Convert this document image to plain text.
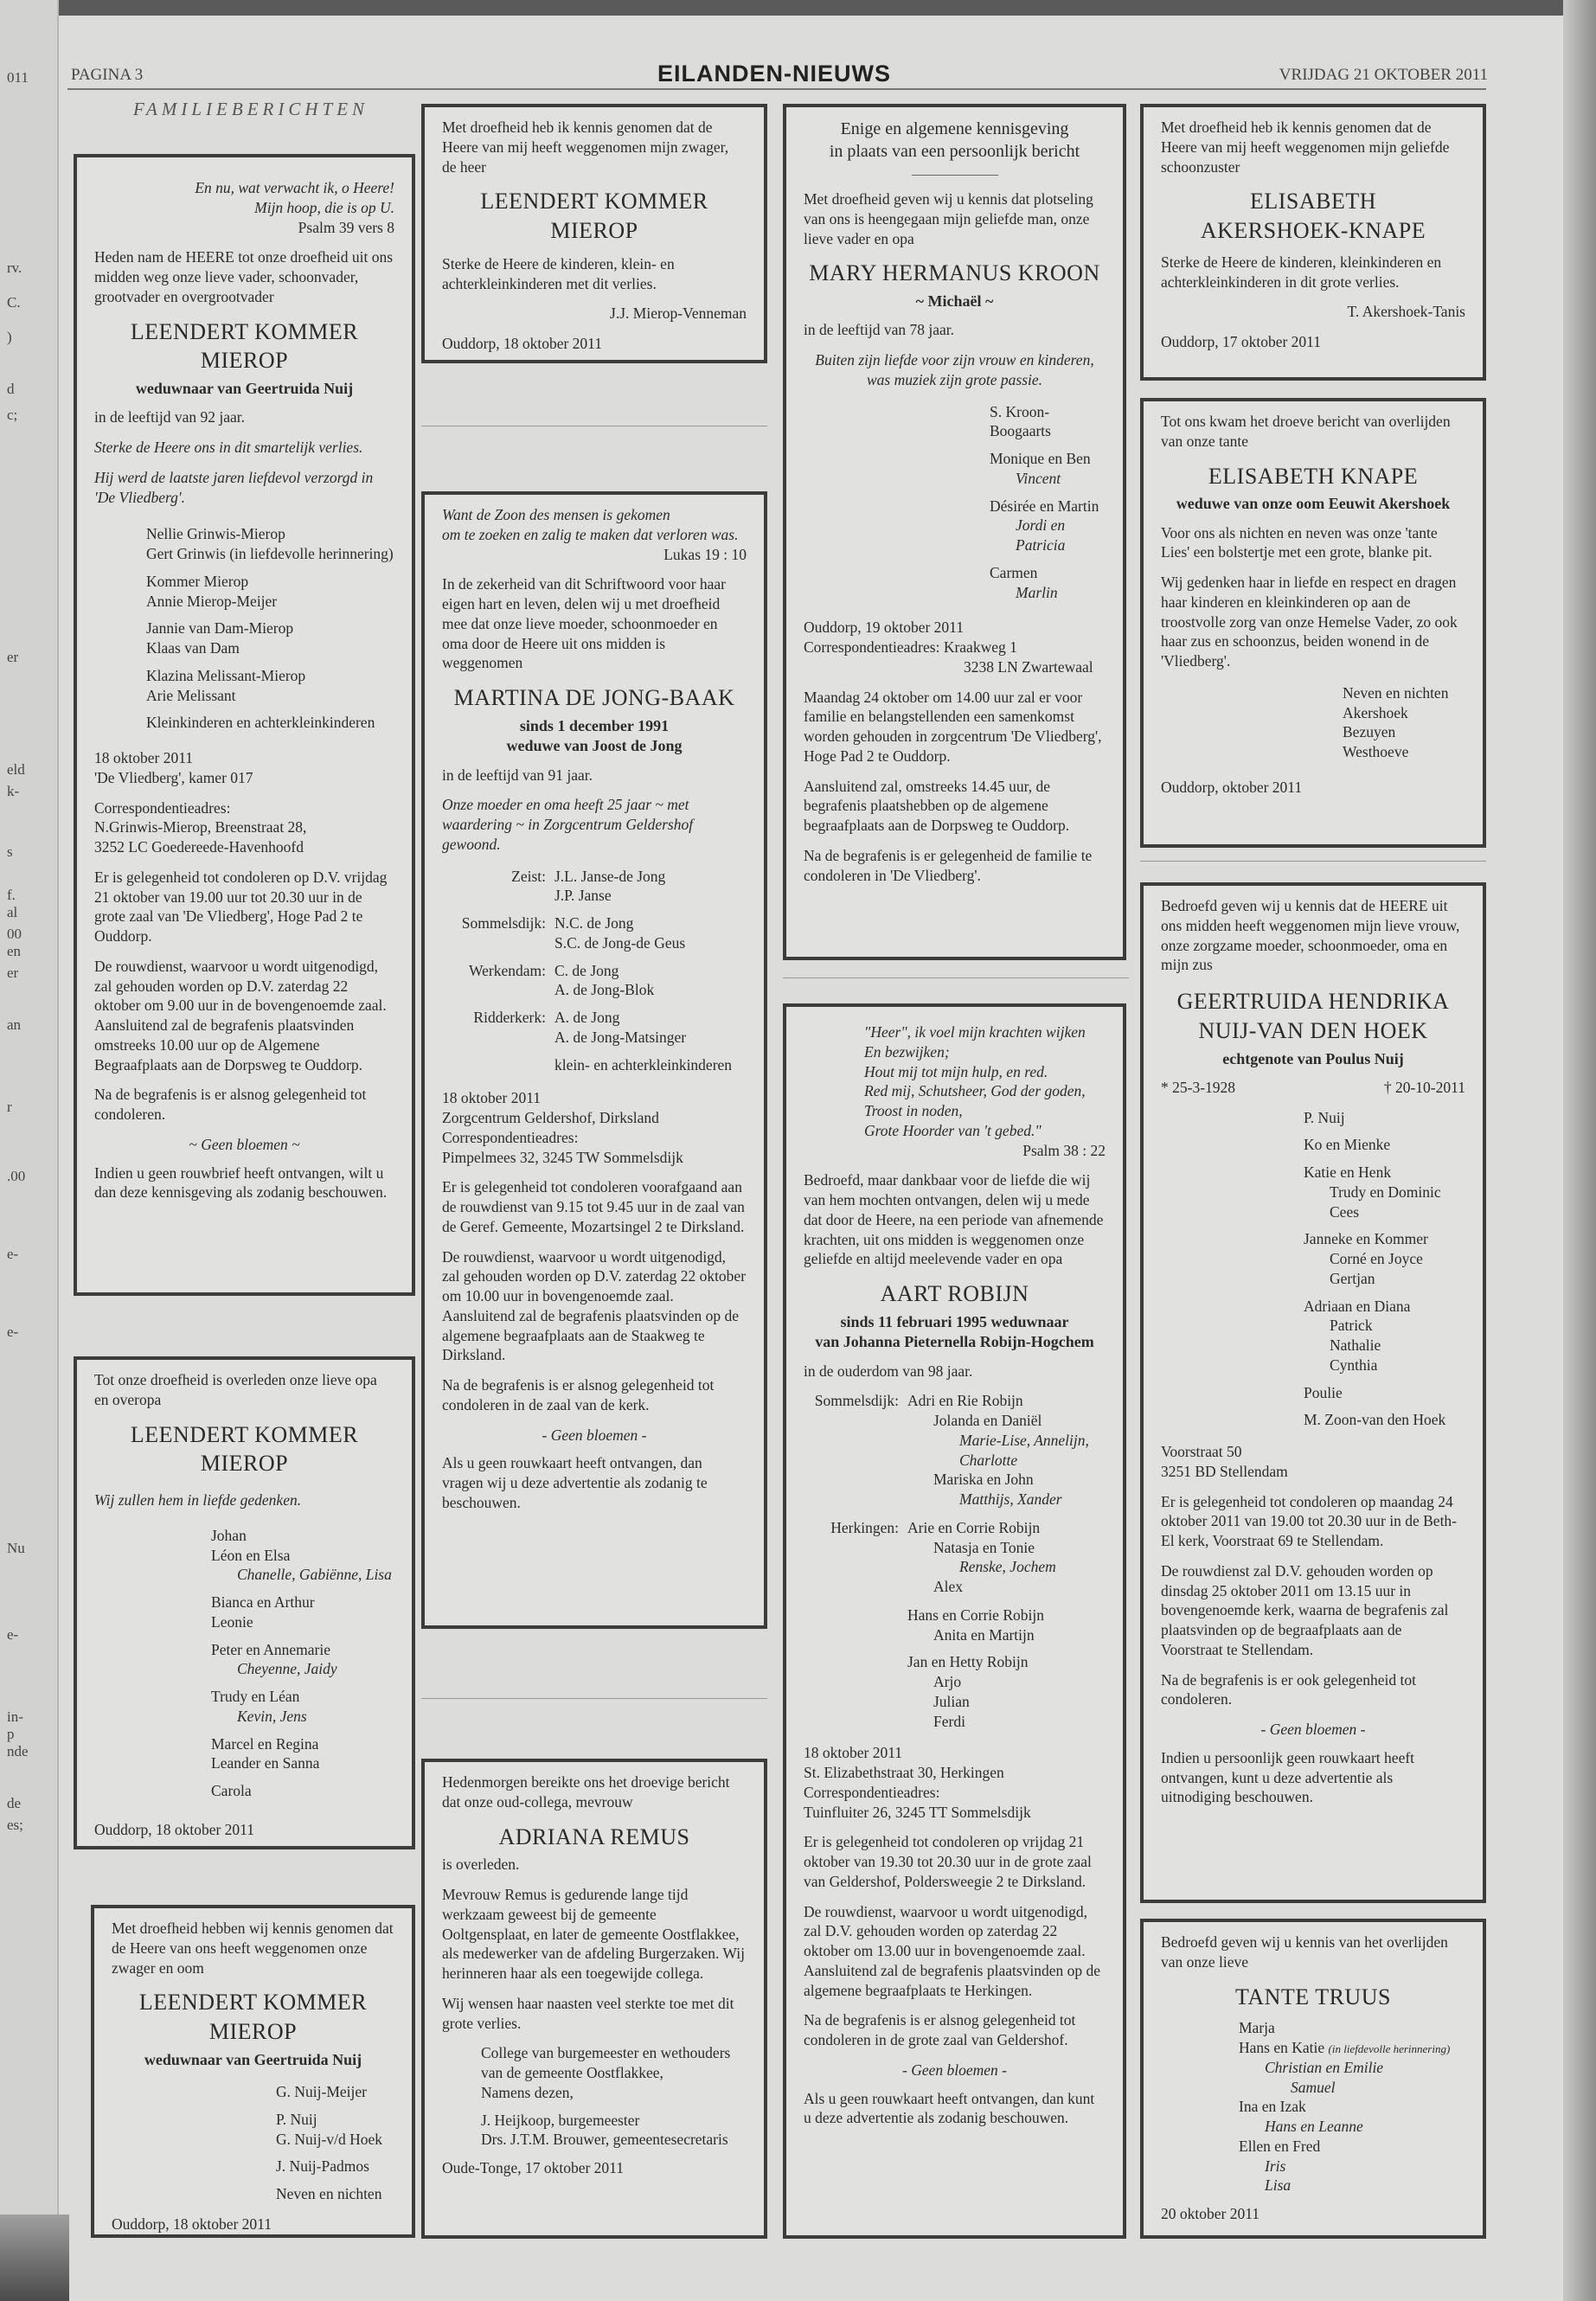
011
rv.
C.
)
d
c;
er
eld
k-
s
f.
al
00
en
er
an
r
.00
e-
e-
Nu
e-
in-
p
nde
de
es;
PAGINA 3	EILANDEN-NIEUWS	VRIJDAG 21 OKTOBER 2011
FAMILIEBERICHTEN
En nu, wat verwacht ik, o Heere!
Mijn hoop, die is op U.

Psalm 39 vers 8

Heden nam de HEERE tot onze droefheid uit ons midden weg onze lieve vader, schoonvader, grootvader en overgrootvader

LEENDERT KOMMER MIEROP
weduwnaar van Geertruida Nuij

in de leeftijd van 92 jaar.

Sterke de Heere ons in dit smartelijk verlies.

Hij werd de laatste jaren liefdevol verzorgd in 'De Vliedberg'.

Nellie Grinwis-Mierop
Gert Grinwis (in liefdevolle herinnering)
Kommer Mierop
Annie Mierop-Meijer
Jannie van Dam-Mierop
Klaas van Dam
Klazina Melissant-Mierop
Arie Melissant
Kleinkinderen en achterkleinkinderen
18 oktober 2011

'De Vliedberg', kamer 017

Correspondentieadres:
N.Grinwis-Mierop, Breenstraat 28,

3252 LC Goedereede-Havenhoofd

Er is gelegenheid tot condoleren op D.V. vrijdag 21 oktober van 19.00 uur tot 20.30 uur in de grote zaal van 'De Vliedberg', Hoge Pad 2 te Ouddorp.

De rouwdienst, waarvoor u wordt uitgenodigd, zal gehouden worden op D.V. zaterdag 22 oktober om 9.00 uur in de bovengenoemde zaal. Aansluitend zal de begrafenis plaatsvinden omstreeks 10.00 uur op de Algemene Begraafplaats aan de Dorpsweg te Ouddorp.

Na de begrafenis is er alsnog gelegenheid tot condoleren.

~ Geen bloemen ~

Indien u geen rouwbrief heeft ontvangen, wilt u dan deze kennisgeving als zodanig beschouwen.

Tot onze droefheid is overleden onze lieve opa en overopa

LEENDERT KOMMER MIEROP

Wij zullen hem in liefde gedenken.

Johan
Léon en Elsa
Chanelle, Gabiënne, Lisa
Bianca en Arthur
Leonie
Peter en Annemarie
Cheyenne, Jaidy
Trudy en Léan
Kevin, Jens
Marcel en Regina
Leander en Sanna
Carola
Ouddorp, 18 oktober 2011

Met droefheid hebben wij kennis genomen dat de Heere van ons heeft weggenomen onze zwager en oom

LEENDERT KOMMER MIEROP
weduwnaar van Geertruida Nuij
G. Nuij-Meijer
P. Nuij
G. Nuij-v/d Hoek
J. Nuij-Padmos
Neven en nichten
Ouddorp, 18 oktober 2011

Met droefheid heb ik kennis genomen dat de Heere van mij heeft weggenomen mijn zwager, de heer

LEENDERT KOMMER MIEROP

Sterke de Heere de kinderen, klein- en achterkleinkinderen met dit verlies.

J.J. Mierop-Venneman

Ouddorp, 18 oktober 2011
Want de Zoon des mensen is gekomen
om te zoeken en zalig te maken dat verloren was.

Lukas 19 : 10

In de zekerheid van dit Schriftwoord voor haar eigen hart en leven, delen wij u met droefheid mee dat onze lieve moeder, schoonmoeder en oma door de Heere uit ons midden is weggenomen

MARTINA DE JONG-BAAK
sinds 1 december 1991
weduwe van Joost de Jong

in de leeftijd van 91 jaar.

Onze moeder en oma heeft 25 jaar ~ met waardering ~ in Zorgcentrum Geldershof gewoond.

Zeist: J.L. Janse-de Jong
J.P. Janse
Sommelsdijk: N.C. de Jong
S.C. de Jong-de Geus
Werkendam: C. de Jong
A. de Jong-Blok
Ridderkerk: A. de Jong
A. de Jong-Matsinger
klein- en achterkleinkinderen
18 oktober 2011
Zorgcentrum Geldershof, Dirksland
Correspondentieadres:

Pimpelmees 32, 3245 TW Sommelsdijk

Er is gelegenheid tot condoleren voorafgaand aan de rouwdienst van 9.15 tot 9.45 uur in de zaal van de Geref. Gemeente, Mozartsingel 2 te Dirksland.

De rouwdienst, waarvoor u wordt uitgenodigd, zal gehouden worden op D.V. zaterdag 22 oktober om 10.00 uur in bovengenoemde zaal. Aansluitend zal de begrafenis plaatsvinden op de algemene begraafplaats aan de Staakweg te Dirksland.

Na de begrafenis is er alsnog gelegenheid tot condoleren in de zaal van de kerk.

- Geen bloemen -

Als u geen rouwkaart heeft ontvangen, dan vragen wij u deze advertentie als zodanig te beschouwen.

Hedenmorgen bereikte ons het droevige bericht dat onze oud-collega, mevrouw

ADRIANA REMUS

is overleden.

Mevrouw Remus is gedurende lange tijd werkzaam geweest bij de gemeente Ooltgensplaat, en later de gemeente Oostflakkee, als medewerker van de afdeling Burgerzaken. Wij herinneren haar als een toegewijde collega.

Wij wensen haar naasten veel sterkte toe met dit grote verlies.

College van burgemeester en wethouders
van de gemeente Oostflakkee,
Namens dezen,
J. Heijkoop, burgemeester
Drs. J.T.M. Brouwer, gemeentesecretaris
Oude-Tonge, 17 oktober 2011
Enige en algemene kennisgeving
in plaats van een persoonlijk bericht

Met droefheid geven wij u kennis dat plotseling van ons is heengegaan mijn geliefde man, onze lieve vader en opa

MARY HERMANUS KROON
~ Michaël ~

in de leeftijd van 78 jaar.

Buiten zijn liefde voor zijn vrouw en kinderen, was muziek zijn grote passie.

S. Kroon-Boogaarts
Monique en Ben
Vincent
Désirée en Martin
Jordi en Patricia
Carmen
Marlin
Ouddorp, 19 oktober 2011
Correspondentieadres: Kraakweg 1

3238 LN Zwartewaal

Maandag 24 oktober om 14.00 uur zal er voor familie en belangstellenden een samenkomst worden gehouden in zorgcentrum 'De Vliedberg', Hoge Pad 2 te Ouddorp.

Aansluitend zal, omstreeks 14.45 uur, de begrafenis plaatshebben op de algemene begraafplaats aan de Dorpsweg te Ouddorp.

Na de begrafenis is er gelegenheid de familie te condoleren in 'De Vliedberg'.

"Heer", ik voel mijn krachten wijken
En bezwijken;
Hout mij tot mijn hulp, en red.
Red mij, Schutsheer, God der goden,
Troost in noden,
Grote Hoorder van 't gebed."

Psalm 38 : 22

Bedroefd, maar dankbaar voor de liefde die wij van hem mochten ontvangen, delen wij u mede dat door de Heere, na een periode van afnemende krachten, uit ons midden is weggenomen onze geliefde en altijd meelevende vader en opa

AART ROBIJN
sinds 11 februari 1995 weduwnaar
van Johanna Pieternella Robijn-Hogchem

in de ouderdom van 98 jaar.

Sommelsdijk: Adri en Rie Robijn
Jolanda en Daniël
Marie-Lise, Annelijn, Charlotte
Mariska en John
Matthijs, Xander
Herkingen: Arie en Corrie Robijn
Natasja en Tonie
Renske, Jochem
Alex
Hans en Corrie Robijn
Anita en Martijn
Jan en Hetty Robijn
Arjo
Julian
Ferdi
18 oktober 2011
St. Elizabethstraat 30, Herkingen
Correspondentieadres:

Tuinfluiter 26, 3245 TT Sommelsdijk

Er is gelegenheid tot condoleren op vrijdag 21 oktober van 19.30 tot 20.30 uur in de grote zaal van Geldershof, Poldersweegie 2 te Dirksland.

De rouwdienst, waarvoor u wordt uitgenodigd, zal D.V. gehouden worden op zaterdag 22 oktober om 13.00 uur in bovengenoemde zaal. Aansluitend zal de begrafenis plaatsvinden op de algemene begraafplaats te Herkingen.

Na de begrafenis is er alsnog gelegenheid tot condoleren in de grote zaal van Geldershof.

- Geen bloemen -

Als u geen rouwkaart heeft ontvangen, dan kunt u deze advertentie als zodanig beschouwen.

Met droefheid heb ik kennis genomen dat de Heere van mij heeft weggenomen mijn geliefde schoonzuster

ELISABETH
AKERSHOEK-KNAPE

Sterke de Heere de kinderen, kleinkinderen en achterkleinkinderen in dit grote verlies.

T. Akershoek-Tanis

Ouddorp, 17 oktober 2011

Tot ons kwam het droeve bericht van overlijden van onze tante

ELISABETH KNAPE
weduwe van onze oom Eeuwit Akershoek

Voor ons als nichten en neven was onze 'tante Lies' een bolstertje met een grote, blanke pit.

Wij gedenken haar in liefde en respect en dragen haar kinderen en kleinkinderen op aan de troostvolle zorg van onze Hemelse Vader, zo ook haar zus en schoonzus, beiden wonend in de 'Vliedberg'.

Neven en nichten
Akershoek
Bezuyen
Westhoeve
Ouddorp, oktober 2011

Bedroefd geven wij u kennis dat de HEERE uit ons midden heeft weggenomen mijn lieve vrouw, onze zorgzame moeder, schoonmoeder, oma en mijn zus

GEERTRUIDA HENDRIKA
NUIJ-VAN DEN HOEK
echtgenote van Poulus Nuij
* 25-3-1928	† 20-10-2011
P. Nuij
Ko en Mienke
Katie en Henk
Trudy en Dominic
Cees
Janneke en Kommer
Corné en Joyce
Gertjan
Adriaan en Diana
Patrick
Nathalie
Cynthia
Poulie
M. Zoon-van den Hoek
Voorstraat 50

3251 BD Stellendam

Er is gelegenheid tot condoleren op maandag 24 oktober 2011 van 19.00 tot 20.30 uur in de Beth-El kerk, Voorstraat 69 te Stellendam.

De rouwdienst zal D.V. gehouden worden op dinsdag 25 oktober 2011 om 13.15 uur in bovengenoemde kerk, waarna de begrafenis zal plaatsvinden op de begraafplaats aan de Voorstraat te Stellendam.

Na de begrafenis is er ook gelegenheid tot condoleren.

- Geen bloemen -

Indien u persoonlijk geen rouwkaart heeft ontvangen, kunt u deze advertentie als uitnodiging beschouwen.

Bedroefd geven wij u kennis van het overlijden van onze lieve

TANTE TRUUS
Marja
Hans en Katie (in liefdevolle herinnering)
Christian en Emilie
Samuel
Ina en Izak
Hans en Leanne
Ellen en Fred
Iris
Lisa
20 oktober 2011
